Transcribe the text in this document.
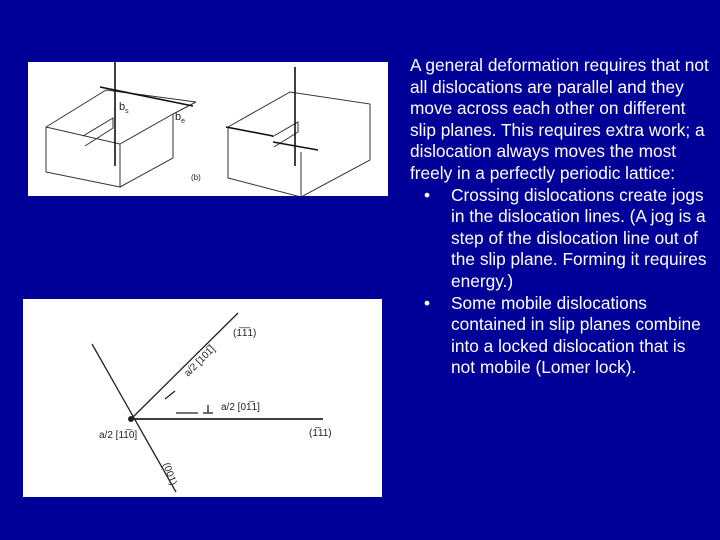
$b_s$	$b_e$
(b)
(1̅1̅1)
(1̅11)
(001)
a/2 [101̅]
a/2 [01̅1]
a/2 [11̅0]

A general deformation requires that not all dislocations are parallel and they move across each other on different slip planes. This requires extra work; a dislocation always moves the most freely in a perfectly periodic lattice:

• Crossing dislocations create jogs in the dislocation lines. (A jog is a step of the dislocation line out of the slip plane. Forming it requires energy.)
• Some mobile dislocations contained in slip planes combine into a locked dislocation that is not mobile (Lomer lock).
